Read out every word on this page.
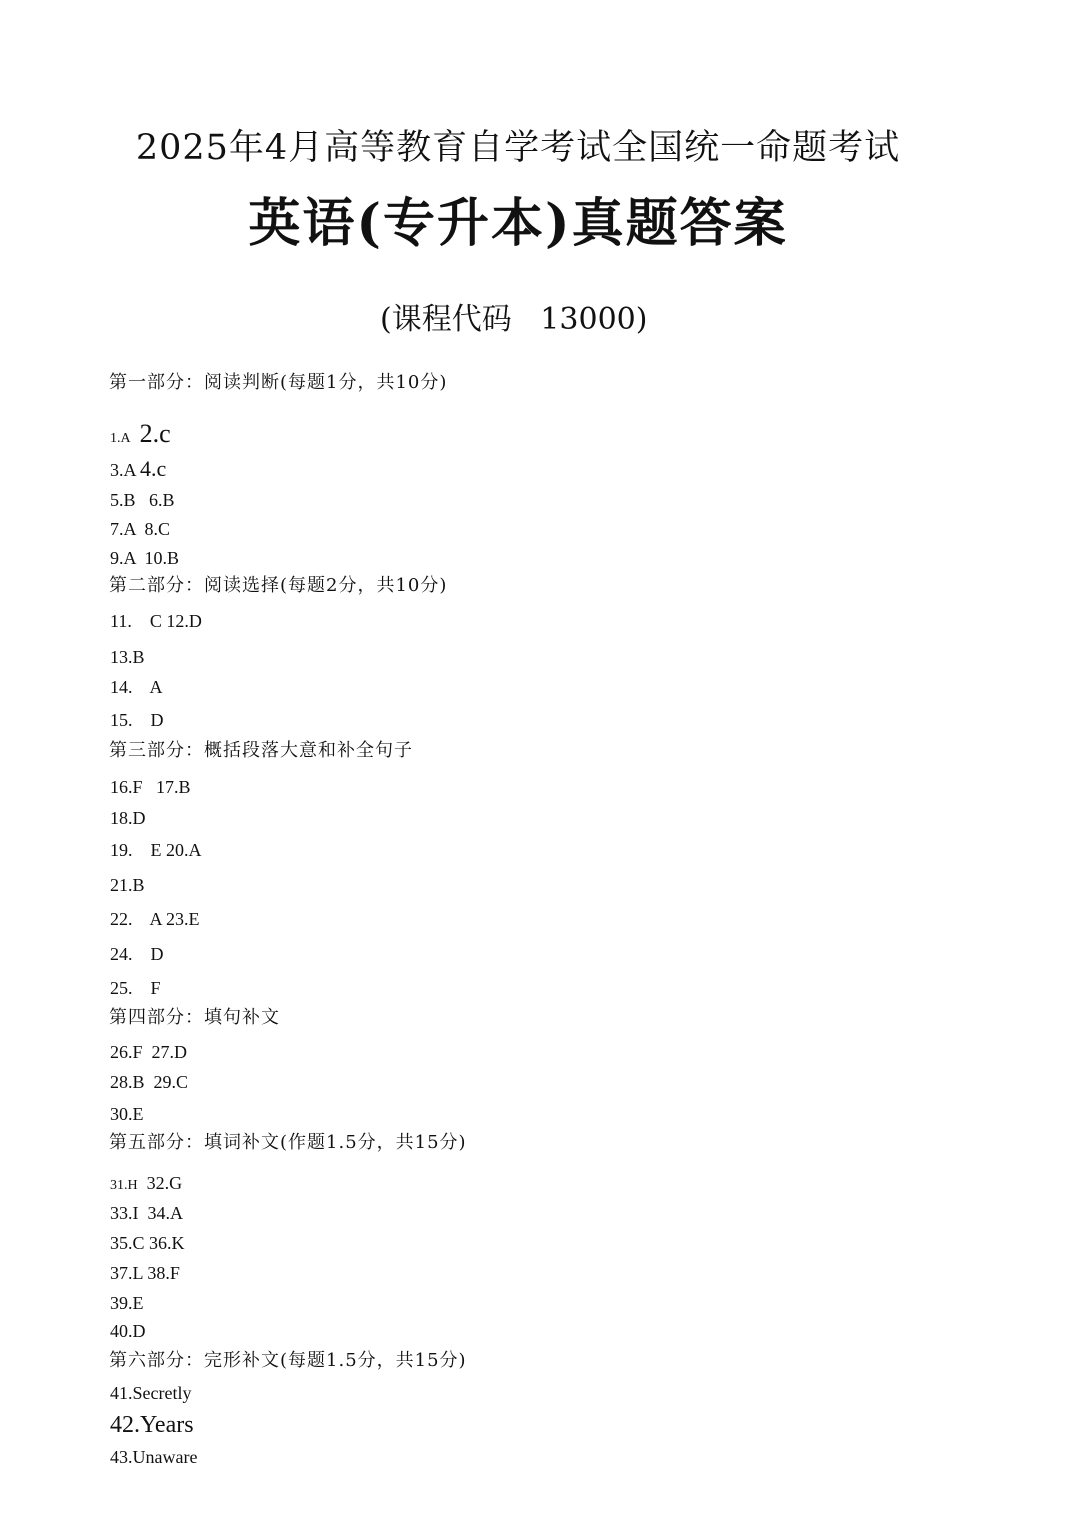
2025年4月高等教育自学考试全国统一命题考试
英语(专升本)真题答案
(课程代码   13000)
第一部分：阅读判断(每题1分，共10分)
1.A 2.c
3.A 4.c
5.B   6.B
7.A  8.C
9.A  10.B
第二部分：阅读选择(每题2分，共10分)
11.    C 12.D
13.B
14.    A
15.    D
第三部分：概括段落大意和补全句子
16.F   17.B
18.D
19.    E 20.A
21.B
22.    A 23.E
24.    D
25.    F
第四部分：填句补文
26.F  27.D
28.B  29.C
30.E
第五部分：填词补文(作题1.5分，共15分)
31.H 32.G
33.I  34.A
35.C 36.K
37.L 38.F
39.E
40.D
第六部分：完形补文(每题1.5分，共15分)
41.Secretly
42.Years
43.Unaware
